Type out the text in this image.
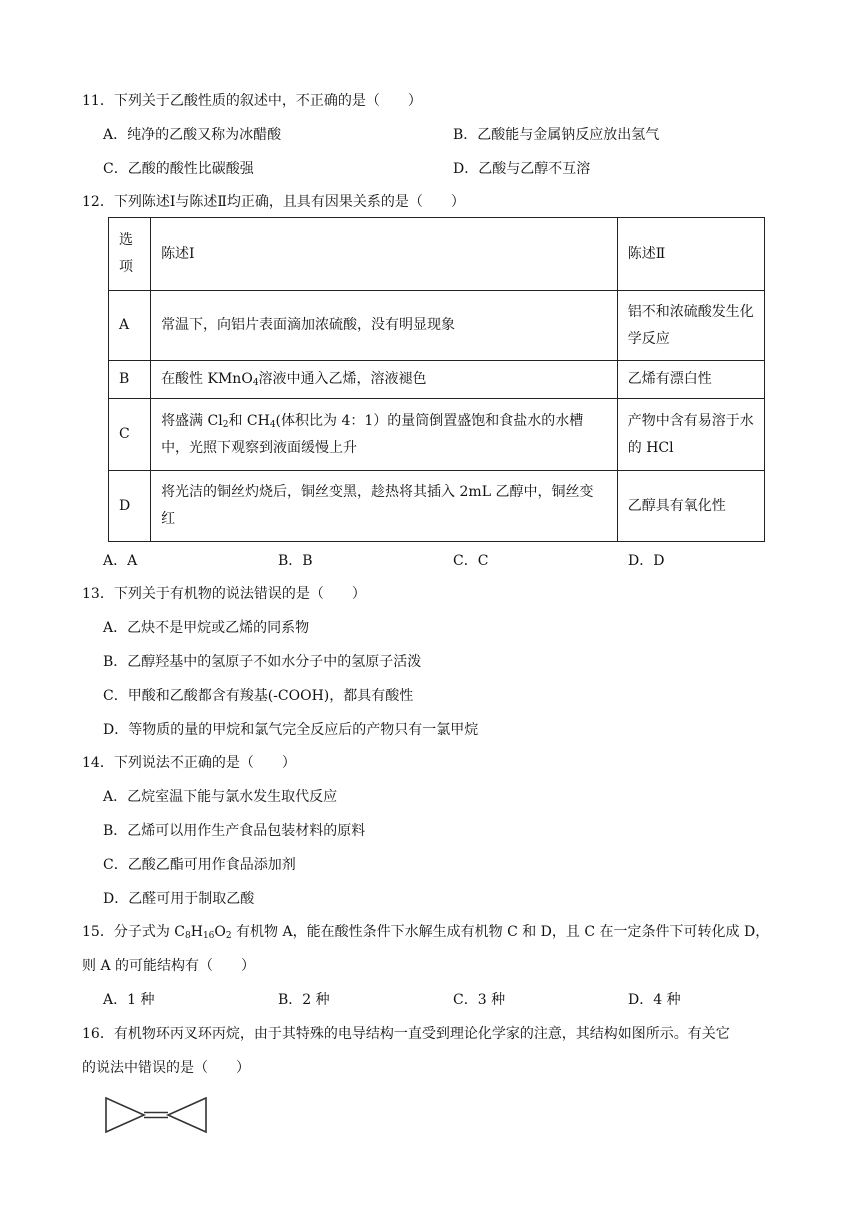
11．下列关于乙酸性质的叙述中，不正确的是（　　）
A．纯净的乙酸又称为冰醋酸	B．乙酸能与金属钠反应放出氢气
C．乙酸的酸性比碳酸强	D．乙酸与乙醇不互溶
12．下列陈述Ⅰ与陈述Ⅱ均正确，且具有因果关系的是（　　）
选
项	陈述Ⅰ	陈述Ⅱ
A	常温下，向铝片表面滴加浓硫酸，没有明显现象	铝不和浓硫酸发生化学反应
B	在酸性 KMnO$_4$溶液中通入乙烯，溶液褪色	乙烯有漂白性
C	将盛满 $Cl_2$和 $CH_4$(体积比为 4：1）的量筒倒置盛饱和食盐水的水槽中，光照下观察到液面缓慢上升	产物中含有易溶于水的 HCl
D	将光洁的铜丝灼烧后，铜丝变黑，趁热将其插入 2mL 乙醇中，铜丝变红	乙醇具有氧化性
A．A	B．B	C．C	D．D
13．下列关于有机物的说法错误的是（　　）
A．乙炔不是甲烷或乙烯的同系物
B．乙醇羟基中的氢原子不如水分子中的氢原子活泼
C．甲酸和乙酸都含有羧基(-COOH)，都具有酸性
D．等物质的量的甲烷和氯气完全反应后的产物只有一氯甲烷
14．下列说法不正确的是（　　）
A．乙烷室温下能与氯水发生取代反应
B．乙烯可以用作生产食品包装材料的原料
C．乙酸乙酯可用作食品添加剂
D．乙醛可用于制取乙酸
15．分子式为 $C_8H_{16}O_2$ 有机物 A，能在酸性条件下水解生成有机物 C 和 D，且 C 在一定条件下可转化成 D，
则 A 的可能结构有（　　）
A．1 种	B．2 种	C．3 种	D．4 种
16．有机物环丙叉环丙烷，由于其特殊的电导结构一直受到理论化学家的注意，其结构如图所示。有关它
的说法中错误的是（　　）
